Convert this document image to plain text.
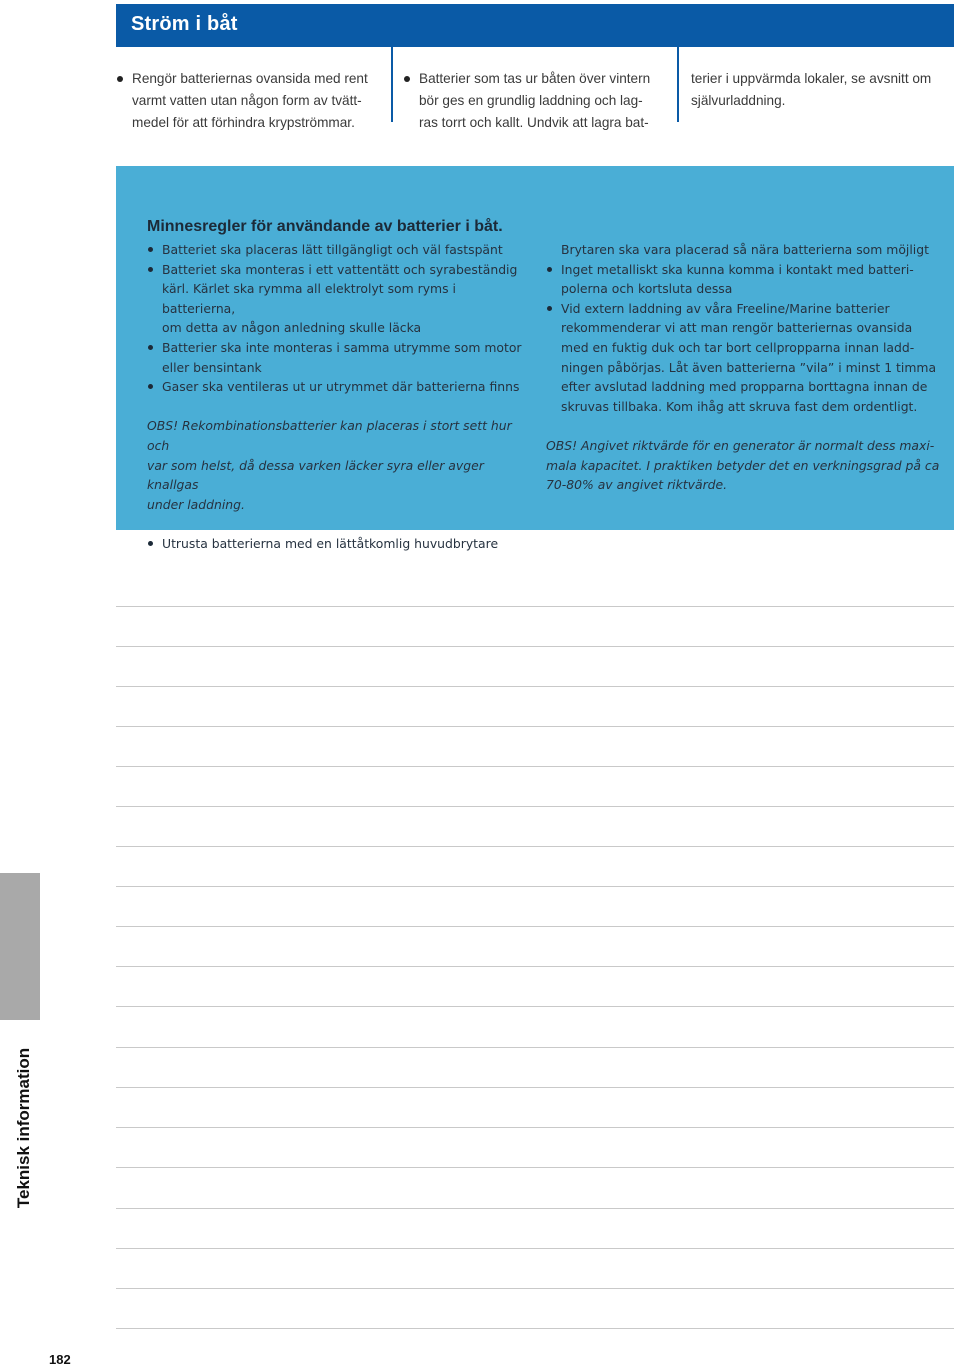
Ström i båt
Rengör batteriernas ovansida med rent
varmt vatten utan någon form av tvätt-
medel för att förhindra krypströmmar.
Batterier som tas ur båten över vintern
bör ges en grundlig laddning och lag-
ras torrt och kallt. Undvik att lagra bat-
terier i uppvärmda lokaler, se avsnitt om
självurladdning.
Minnesregler för användande av batterier i båt.
Batteriet ska placeras lätt tillgängligt och väl fastspänt
Batteriet ska monteras i ett vattentätt och syrabeständig
kärl. Kärlet ska rymma all elektrolyt som ryms i batterierna,
om detta av någon anledning skulle läcka
Batterier ska inte monteras i samma utrymme som motor
eller bensintank
Gaser ska ventileras ut ur utrymmet där batterierna finns
OBS! Rekombinationsbatterier kan placeras i stort sett hur och
var som helst, då dessa varken läcker syra eller avger knallgas
under laddning.
Utrusta batterierna med en lättåtkomlig huvudbrytare
Brytaren ska vara placerad så nära batterierna som möjligt
Inget metalliskt ska kunna komma i kontakt med batteri-
polerna och kortsluta dessa
Vid extern laddning av våra Freeline/Marine batterier
rekommenderar vi att man rengör batteriernas ovansida
med en fuktig duk och tar bort cellpropparna innan ladd-
ningen påbörjas. Låt även batterierna ”vila” i minst 1 timma
efter avslutad laddning med propparna borttagna innan de
skruvas tillbaka. Kom ihåg att skruva fast dem ordentligt.
OBS! Angivet riktvärde för en generator är normalt dess maxi-
mala kapacitet. I praktiken betyder det en verkningsgrad på ca
70-80% av angivet riktvärde.
Teknisk information
182
